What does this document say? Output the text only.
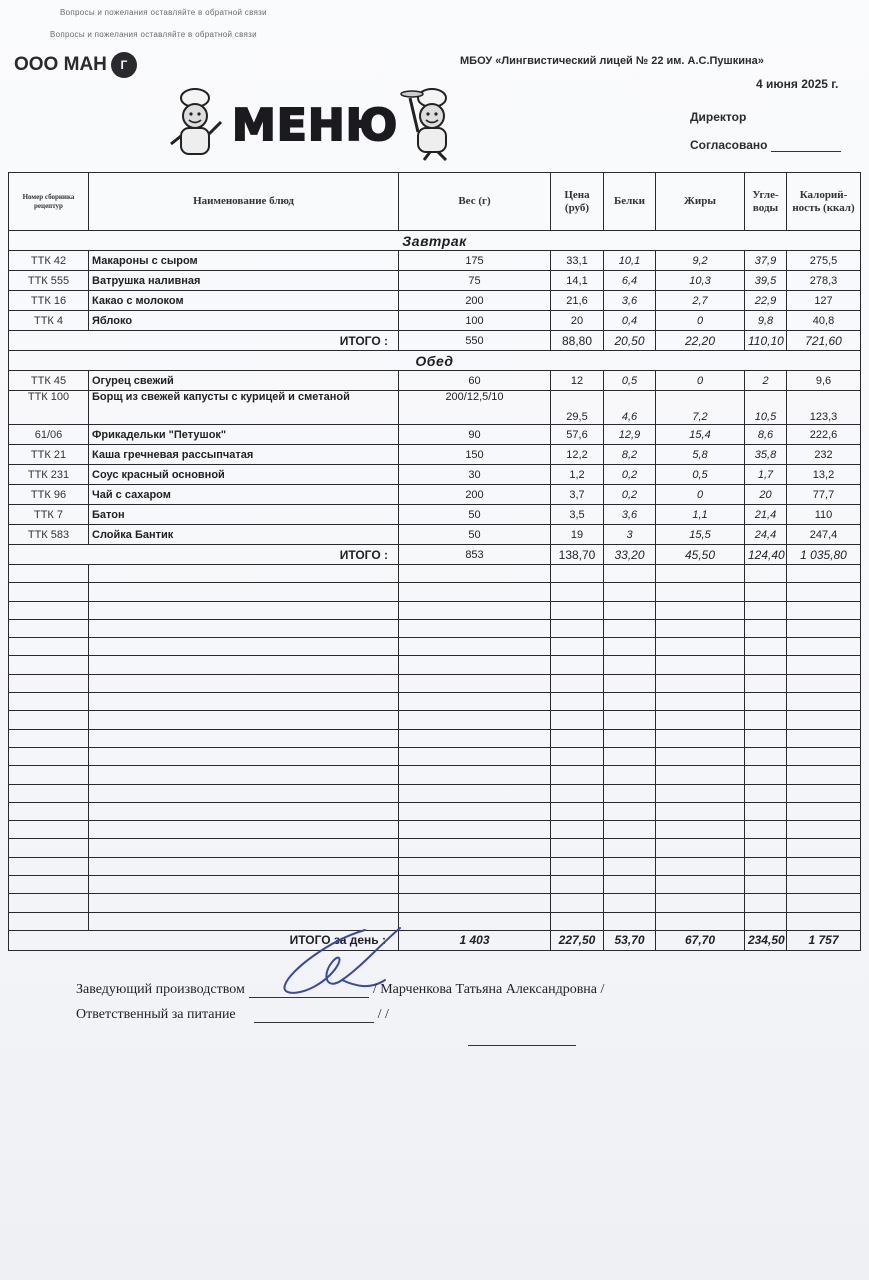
Вопросы и пожелания оставляйте в обратной связи
Вопросы и пожелания оставляйте в обратной связи
ООО МАН	Г	МБОУ «Лингвистический лицей № 22 им. А.С.Пушкина»
4 июня 2025 г.
Директор
Согласовано
МЕНЮ
Номер сборника рецептур	Наименование блюд	Вес (г)	Цена (руб)	Белки	Жиры	Угле-воды	Калорий-ность (ккал)
Завтрак							
ТТК 42	Макароны с сыром	175	33,1	10,1	9,2	37,9	275,5
ТТК 555	Ватрушка наливная	75	14,1	6,4	10,3	39,5	278,3
ТТК 16	Какао с молоком	200	21,6	3,6	2,7	22,9	127
ТТК 4	Яблоко	100	20	0,4	0	9,8	40,8
ИТОГО :		550	88,80	20,50	22,20	110,10	721,60
Обед							
ТТК 45	Огурец свежий	60	12	0,5	0	2	9,6
ТТК 100	Борщ из свежей капусты с курицей и сметаной	200/12,5/10	29,5	4,6	7,2	10,5	123,3
61/06	Фрикадельки "Петушок"	90	57,6	12,9	15,4	8,6	222,6
ТТК 21	Каша гречневая рассыпчатая	150	12,2	8,2	5,8	35,8	232
ТТК 231	Соус красный основной	30	1,2	0,2	0,5	1,7	13,2
ТТК 96	Чай с сахаром	200	3,7	0,2	0	20	77,7
ТТК 7	Батон	50	3,5	3,6	1,1	21,4	110
ТТК 583	Слойка Бантик	50	19	3	15,5	24,4	247,4
ИТОГО :		853	138,70	33,20	45,50	124,40	1 035,80

ИТОГО за день :		1 403	227,50	53,70	67,70	234,50	1 757
Заведующий производством	/ Марченкова Татьяна Александровна /
Ответственный за питание	/ /
